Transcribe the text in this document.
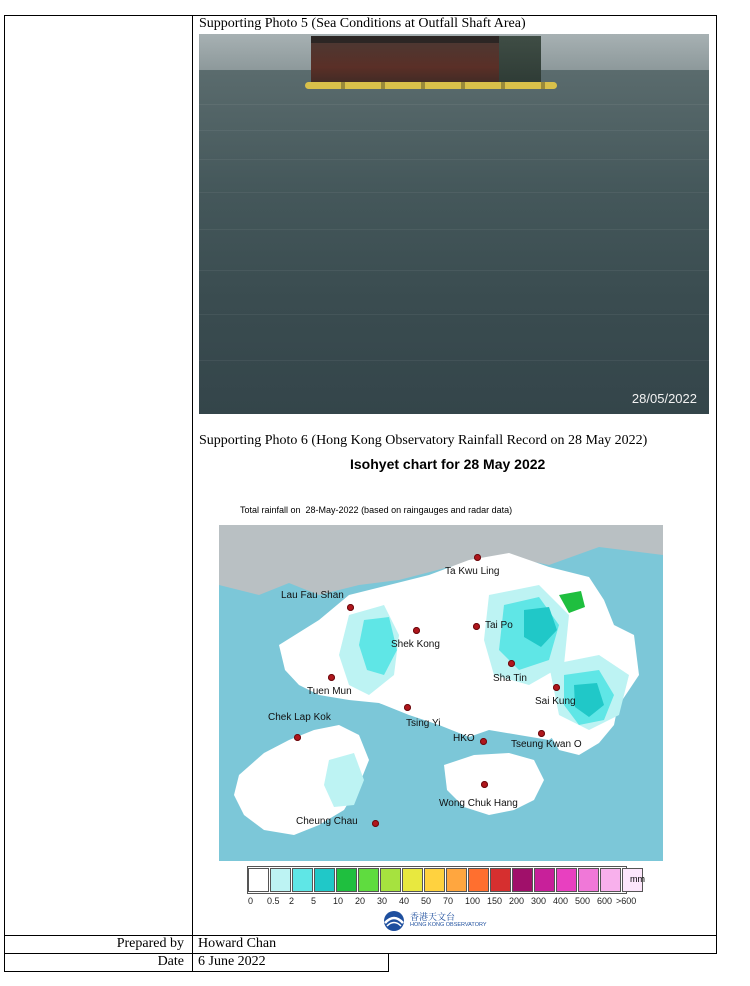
Supporting Photo 5 (Sea Conditions at Outfall Shaft Area)
28/05/2022
Supporting Photo 6 (Hong Kong Observatory Rainfall Record on 28 May 2022)
Isohyet chart for 28 May 2022
Total rainfall on  28-May-2022 (based on raingauges and radar data)
Ta Kwu Ling
Lau Fau Shan
Tai Po
Shek Kong
Sha Tin
Tuen Mun
Sai Kung
Chek Lap Kok
Tsing Yi
HKO
Tseung Kwan O
Wong Chuk Hang
Cheung Chau
mm
0 0.5 2 5 10 20 30 40 50 70 100 150 200 300 400 500 600 >600
香港天文台
HONG KONG OBSERVATORY
Prepared by Howard Chan
Date 6 June 2022
